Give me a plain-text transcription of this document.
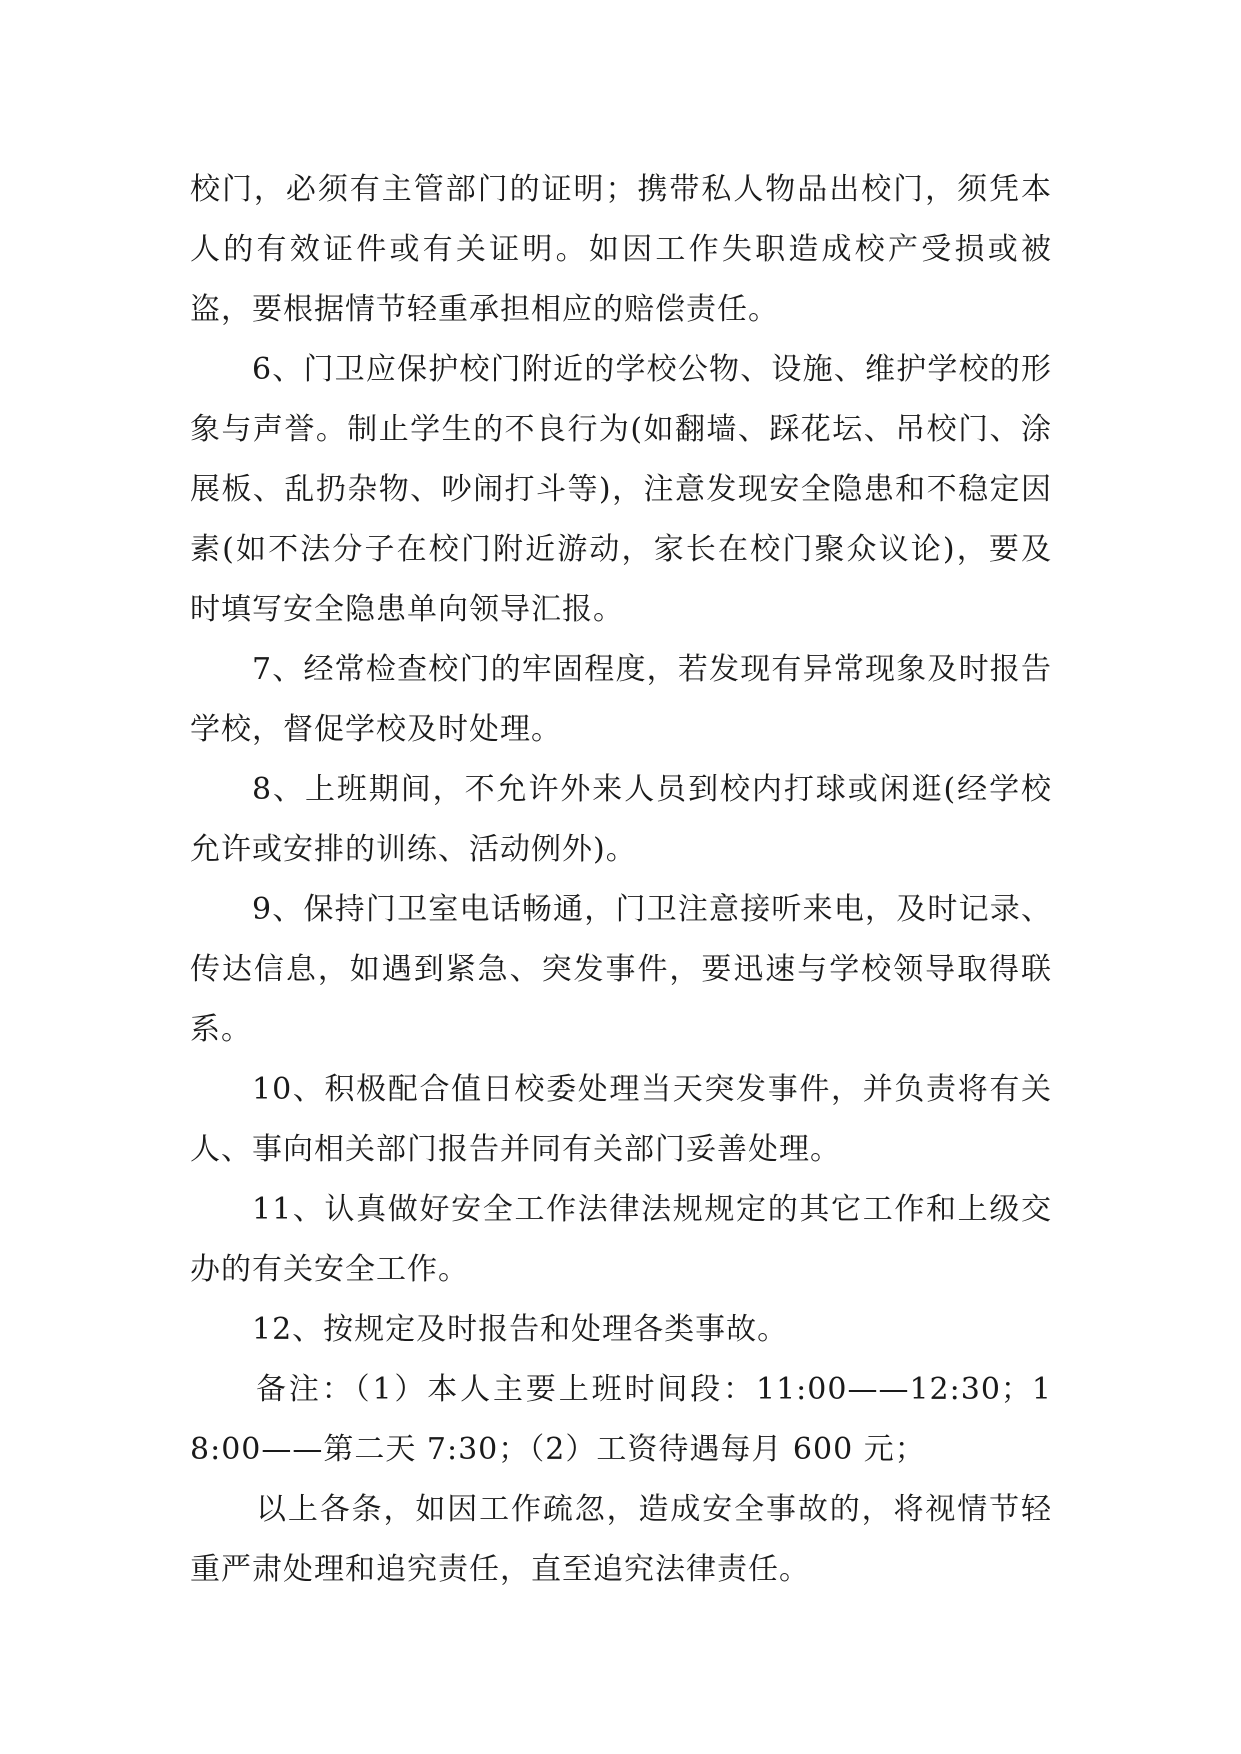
校门，必须有主管部门的证明；携带私人物品出校门，须凭本人的有效证件或有关证明。如因工作失职造成校产受损或被盗，要根据情节轻重承担相应的赔偿责任。

6、门卫应保护校门附近的学校公物、设施、维护学校的形象与声誉。制止学生的不良行为(如翻墙、踩花坛、吊校门、涂展板、乱扔杂物、吵闹打斗等)，注意发现安全隐患和不稳定因素(如不法分子在校门附近游动，家长在校门聚众议论)，要及时填写安全隐患单向领导汇报。

7、经常检查校门的牢固程度，若发现有异常现象及时报告学校，督促学校及时处理。

8、上班期间，不允许外来人员到校内打球或闲逛(经学校允许或安排的训练、活动例外)。

9、保持门卫室电话畅通，门卫注意接听来电，及时记录、传达信息，如遇到紧急、突发事件，要迅速与学校领导取得联系。

10、积极配合值日校委处理当天突发事件，并负责将有关人、事向相关部门报告并同有关部门妥善处理。

11、认真做好安全工作法律法规规定的其它工作和上级交办的有关安全工作。

12、按规定及时报告和处理各类事故。

备注：（1）本人主要上班时间段：11:00——12:30；18:00——第二天 7:30；（2）工资待遇每月 600 元；

以上各条，如因工作疏忽，造成安全事故的，将视情节轻重严肃处理和追究责任，直至追究法律责任。
